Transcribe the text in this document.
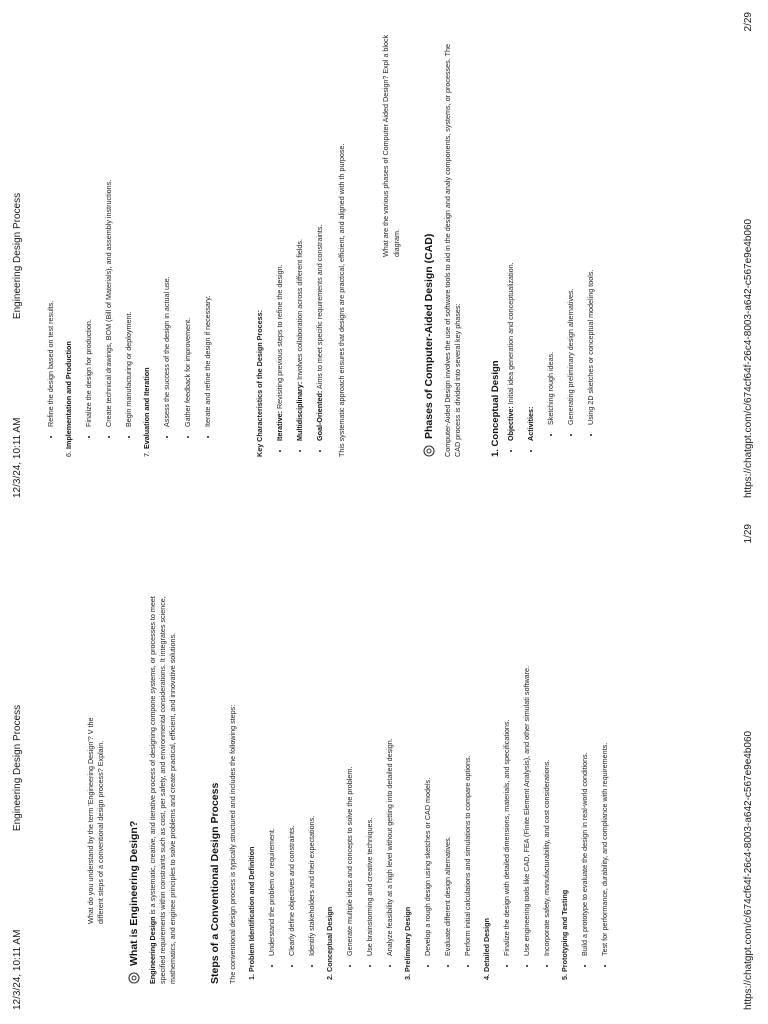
12/3/24, 10:11 AM
Engineering Design Process	What do you understand by the term 'Engineering Design'? V the different steps of a conventional design process? Explain. What is Engineering Design? Engineering Design is a systematic, creative, and iterative process of designing compone systems, or processes to meet specified requirements within constraints such as cost, per safety, and environmental considerations. It integrates science, mathematics, and enginee principles to solve problems and create practical, efficient, and innovative solutions.	Steps of a Conventional Design Process The conventional design process is typically structured and includes the following steps: 1. Problem Identification and Definition • Understand the problem or requirement. • Clearly define objectives and constraints. • Identify stakeholders and their expectations. 2. Conceptual Design • Generate multiple ideas and concepts to solve the problem. • Use brainstorming and creative techniques. • Analyze feasibility at a high level without getting into detailed design. 3. Preliminary Design • Develop a rough design using sketches or CAD models. • Evaluate different design alternatives. • Perform initial calculations and simulations to compare options. 4. Detailed Design • Finalize the design with detailed dimensions, materials, and specifications. • Use engineering tools like CAD, FEA (Finite Element Analysis), and other simulati software. • Incorporate safety, manufacturability, and cost considerations. 5. Prototyping and Testing • Build a prototype to evaluate the design in real-world conditions. • Test for performance, durability, and compliance with requirements.	https://chatgpt.com/c/674cf64f-26c4-8003-a642-c567e9e4b060
1/29
12/3/24, 10:11 AM
Engineering Design Process
• Refine the design based on test results.
6. Implementation and Production • Finalize the design for production. • Create technical drawings, BOM (Bill of Materials), and assembly instructions. • Begin manufacturing or deployment.
7. Evaluation and Iteration • Assess the success of the design in actual use. • Gather feedback for improvement. • Iterate and refine the design if necessary.	Key Characteristics of the Design Process: • Iterative: Revisiting previous steps to refine the design.
• Multidisciplinary: Involves collaboration across different fields.
• Goal-Oriented: Aims to meet specific requirements and constraints. This systematic approach ensures that designs are practical, efficient, and aligned with th purpose.	What are the various phases of Computer Aided Design? Expl a block diagram. Phases of Computer-Aided Design (CAD) Computer-Aided Design involves the use of software tools to aid in the design and analy components, systems, or processes. The CAD process is divided into several key phases:	1. Conceptual Design • Objective: Initial idea generation and conceptualization.
• Activities: • Sketching rough ideas. • Generating preliminary design alternatives. • Using 2D sketches or conceptual modeling tools.	https://chatgpt.com/c/674cf64f-26c4-8003-a642-c567e9e4b060
2/29
